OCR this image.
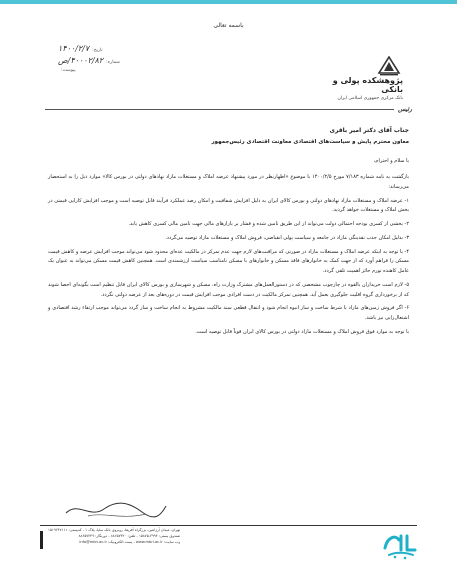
باسمه تعالی
تاریخ:
۱۴۰۰/۲/۷
شماره:
۴۰۰۰۲/۸۲/ص
پیوست:
پژوهشکده پولی و بانکی
بانک مرکزی جمهوری اسلامی ایران
رئیس
جناب آقای دکتر امیر باقری
معاون محترم پایش و سیاست‌های اقتصادی معاونت اقتصادی رئیس‌جمهور
با سلام و احترام،
بازگشت به نامه شماره ۷/۱۸۳ مورخ ۱۴۰۰/۲/۵ با موضوع «اظهارنظر در مورد پیشنهاد عرضه املاک و مستغلات مازاد نهادهای دولتی در بورس کالا» موارد ذیل را به استحضار می‌رساند:
۱- عرضه املاک و مستغلات مازاد نهادهای دولتی و بورس کالای ایران به دلیل افزایش شفافیت و امکان رصد عملکرد فرآیند قابل توصیه است و موجب افزایش کارایی قیمتی در بخش املاک و مستغلات خواهد گردید.
۲- بخشی از کسری بودجه احتمالی دولت می‌تواند از این طریق تامین شده و فشار بر بازارهای مالی جهت تامین مالی کسری کاهش یابد.
۳- بدلیل امکان جذب نقدینگی مازاد در جامعه و سیاست پولی انقباضی، فروش املاک و مستغلات مازاد توصیه می‌گردد.
۴- با توجه به اینکه عرضه املاک و مستغلات مازاد در صورتی که مراقبت‌های لازم جهت عدم تمرکز در مالکیت عده‌ای محدود شود می‌تواند موجب افزایش عرضه و کاهش قیمت مسکن را فراهم آورد که از جهت کمک به خانوارهای فاقد مسکن و خانوارهای با مسکن نامناسب سیاست ارزشمندی است. همچنین کاهش قیمت مسکن می‌تواند به عنوان یک عامل کاهنده تورم حائز اهمیت تلقی گردد.
۵- لازم است خریداران بالقوه در چارچوب مشخصی که در دستورالعمل‌های مشترک وزارت راه، مسکن و شهرسازی و بورس کالای ایران قابل تنظیم است بگونه‌ای احصا شوند که از برخورداری گروه اقلیت جلوگیری بعمل آید. همچنین تمرکز مالکیت در دست افرادی موجب افزایش قیمت در دوره‌های بعد از عرضه دولتی نگردد.
۶- اگر فروش زمین‌های مازاد با شرط ساخت و ساز انبوه انجام شود و انتقال قطعی سند مالکیت مشروط به انجام ساخت و ساز گردد می‌تواند موجب ارتقاء رشد اقتصادی و اشتغال‌زایی نیز باشد.
با توجه به موارد فوق فروش املاک و مستغلات مازاد دولتی در بورس کالای ایران قویاً قابل توصیه است.
تهران، میدان آرژانتین، بزرگراه آفریقا، روبروی بانک ساپا، پلاک ۱ - کدپستی: ۱۵۱۹۶۴۷۱۱۱
صندوق پستی: ۴۹۹۴-۱۵۸۷۵ - تلفن: ۸۸۶۵۷۴۳۰ - دورنگار: ۸۸۶۵۷۴۴۹
وب سایت: www.mbri.ac.ir - پست الکترونیک: info@mbri.ac.ir
